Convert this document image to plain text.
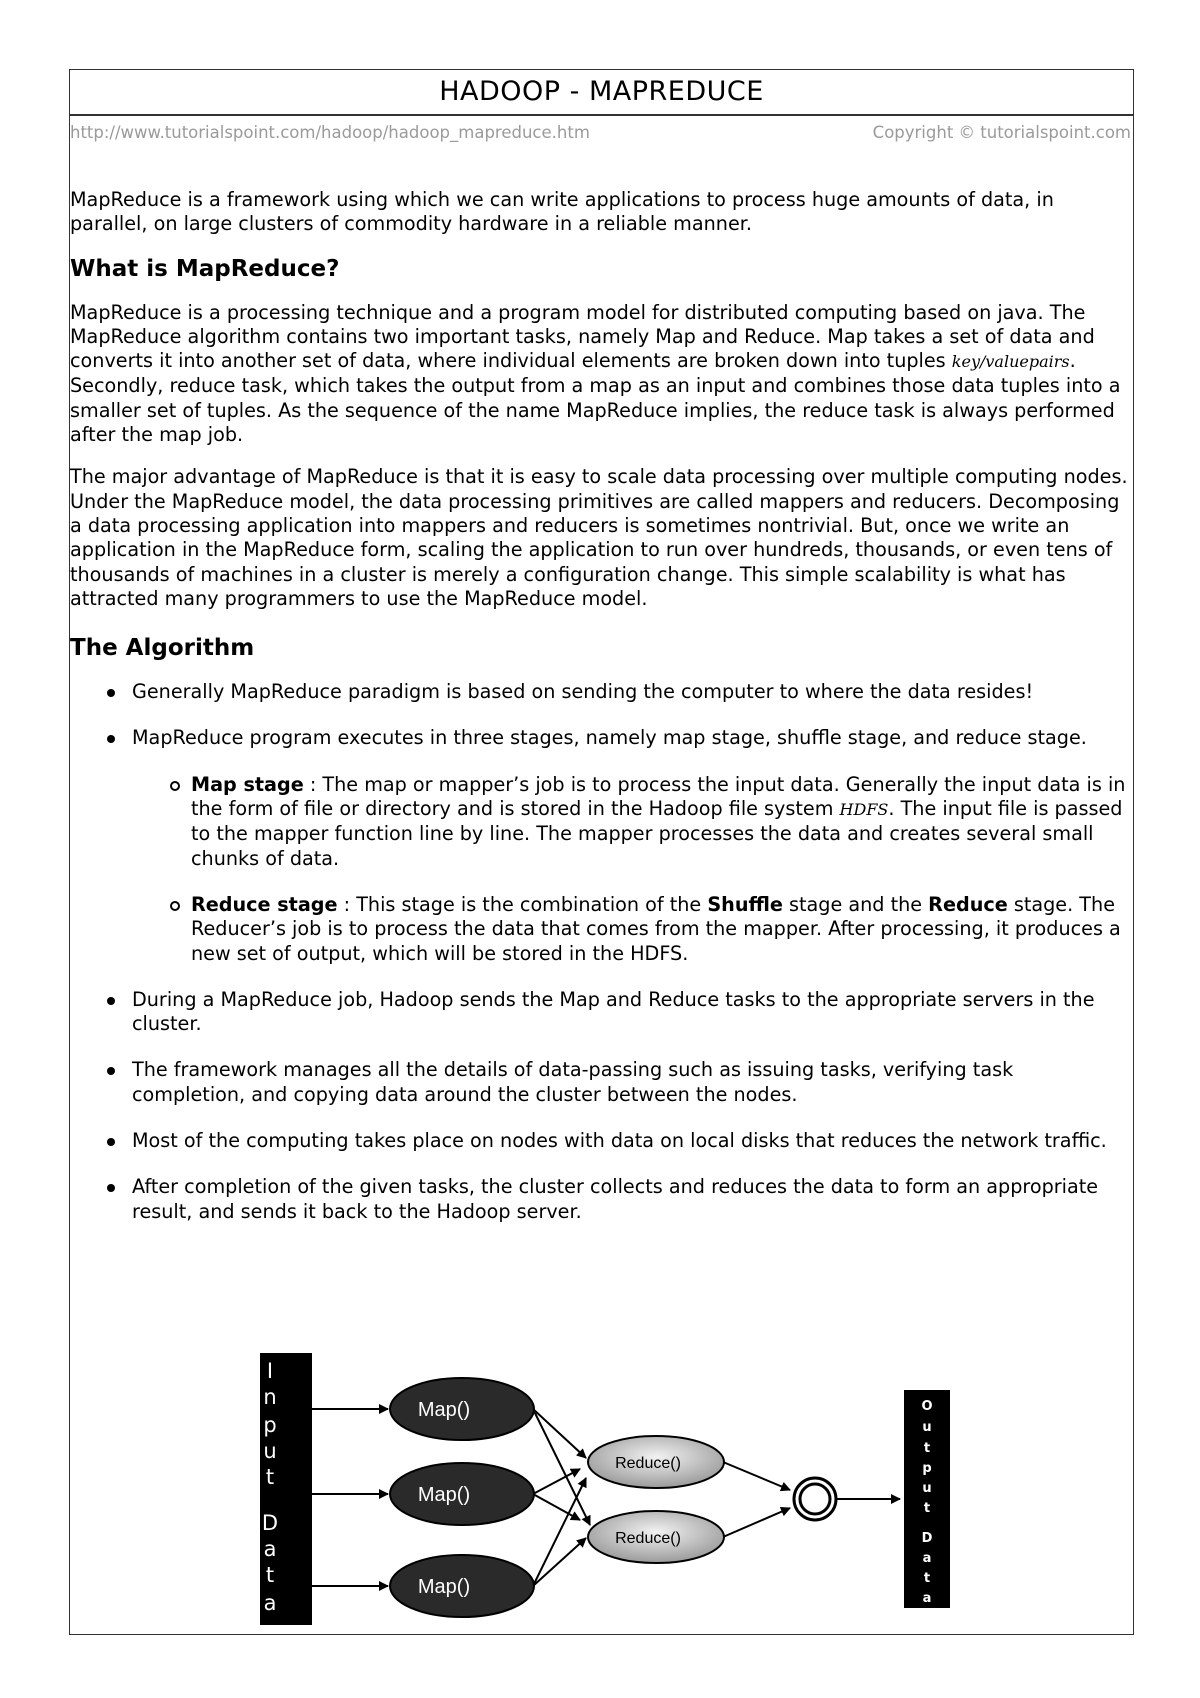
HADOOP - MAPREDUCE
http://www.tutorialspoint.com/hadoop/hadoop_mapreduce.htm	Copyright © tutorialspoint.com

MapReduce is a framework using which we can write applications to process huge amounts of data, in parallel, on large clusters of commodity hardware in a reliable manner.

What is MapReduce?

MapReduce is a processing technique and a program model for distributed computing based on java. The MapReduce algorithm contains two important tasks, namely Map and Reduce. Map takes a set of data and converts it into another set of data, where individual elements are broken down into tuples key/valuepairs. Secondly, reduce task, which takes the output from a map as an input and combines those data tuples into a smaller set of tuples. As the sequence of the name MapReduce implies, the reduce task is always performed after the map job.

The major advantage of MapReduce is that it is easy to scale data processing over multiple computing nodes. Under the MapReduce model, the data processing primitives are called mappers and reducers. Decomposing a data processing application into mappers and reducers is sometimes nontrivial. But, once we write an application in the MapReduce form, scaling the application to run over hundreds, thousands, or even tens of thousands of machines in a cluster is merely a configuration change. This simple scalability is what has attracted many programmers to use the MapReduce model.

The Algorithm
Generally MapReduce paradigm is based on sending the computer to where the data resides!
MapReduce program executes in three stages, namely map stage, shuffle stage, and reduce stage.
Map stage : The map or mapper’s job is to process the input data. Generally the input data is in the form of file or directory and is stored in the Hadoop file system HDFS. The input file is passed to the mapper function line by line. The mapper processes the data and creates several small chunks of data.
Reduce stage : This stage is the combination of the Shuffle stage and the Reduce stage. The Reducer’s job is to process the data that comes from the mapper. After processing, it produces a new set of output, which will be stored in the HDFS.
During a MapReduce job, Hadoop sends the Map and Reduce tasks to the appropriate servers in the cluster.
The framework manages all the details of data-passing such as issuing tasks, verifying task completion, and copying data around the cluster between the nodes.
Most of the computing takes place on nodes with data on local disks that reduces the network traffic.
After completion of the given tasks, the cluster collects and reduces the data to form an appropriate result, and sends it back to the Hadoop server.
I
n
p
u
t
D
a
t
a
O
u
t
p
u
t
D
a
t
a
Map()
Map()
Map()
Reduce()
Reduce()
